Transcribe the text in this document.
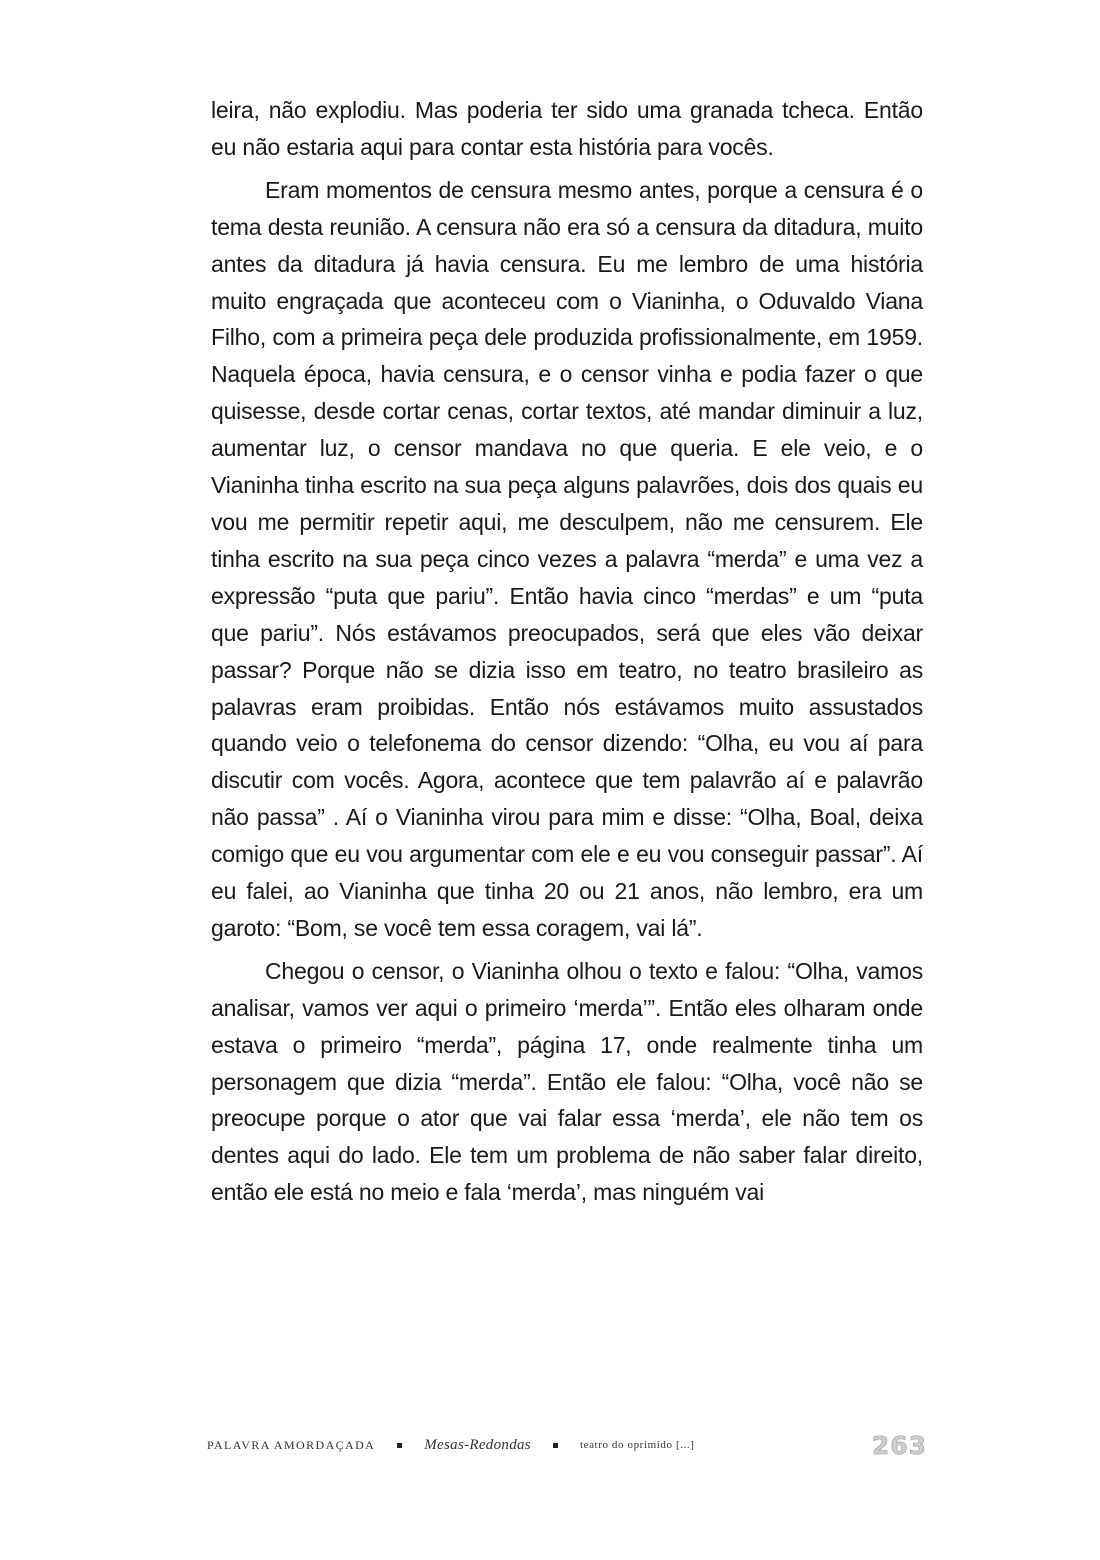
leira, não explodiu. Mas poderia ter sido uma granada tcheca. Então eu não estaria aqui para contar esta história para vocês.

Eram momentos de censura mesmo antes, porque a censura é o tema desta reunião. A censura não era só a censura da ditadura, muito antes da ditadura já havia censura. Eu me lembro de uma história muito engraçada que aconteceu com o Vianinha, o Oduvaldo Viana Filho, com a primeira peça dele produzida profissionalmente, em 1959. Naquela época, havia censura, e o censor vinha e podia fazer o que quisesse, desde cortar cenas, cortar textos, até mandar diminuir a luz, aumentar luz, o censor mandava no que queria. E ele veio, e o Vianinha tinha escrito na sua peça alguns palavrões, dois dos quais eu vou me permitir repetir aqui, me desculpem, não me censurem. Ele tinha escrito na sua peça cinco vezes a palavra “merda” e uma vez a expressão “puta que pariu”. Então havia cinco “merdas” e um “puta que pariu”. Nós estávamos preocupados, será que eles vão deixar passar? Porque não se dizia isso em teatro, no teatro brasileiro as palavras eram proibidas. Então nós estávamos muito assustados quando veio o telefonema do censor dizendo: “Olha, eu vou aí para discutir com vocês. Agora, acontece que tem palavrão aí e palavrão não passa” . Aí o Vianinha virou para mim e disse: “Olha, Boal, deixa comigo que eu vou argumentar com ele e eu vou conseguir passar”. Aí eu falei, ao Vianinha que tinha 20 ou 21 anos, não lembro, era um garoto: “Bom, se você tem essa coragem, vai lá”.

Chegou o censor, o Vianinha olhou o texto e falou: “Olha, vamos analisar, vamos ver aqui o primeiro ‘merda’”. Então eles olharam onde estava o primeiro “merda”, página 17, onde realmente tinha um personagem que dizia “merda”. Então ele falou: “Olha, você não se preocupe porque o ator que vai falar essa ‘merda’, ele não tem os dentes aqui do lado. Ele tem um problema de não saber falar direito, então ele está no meio e fala ‘merda’, mas ninguém vai

PALAVRA AMORDAÇADA	Mesas-Redondas	teatro do oprimido [...]	263
